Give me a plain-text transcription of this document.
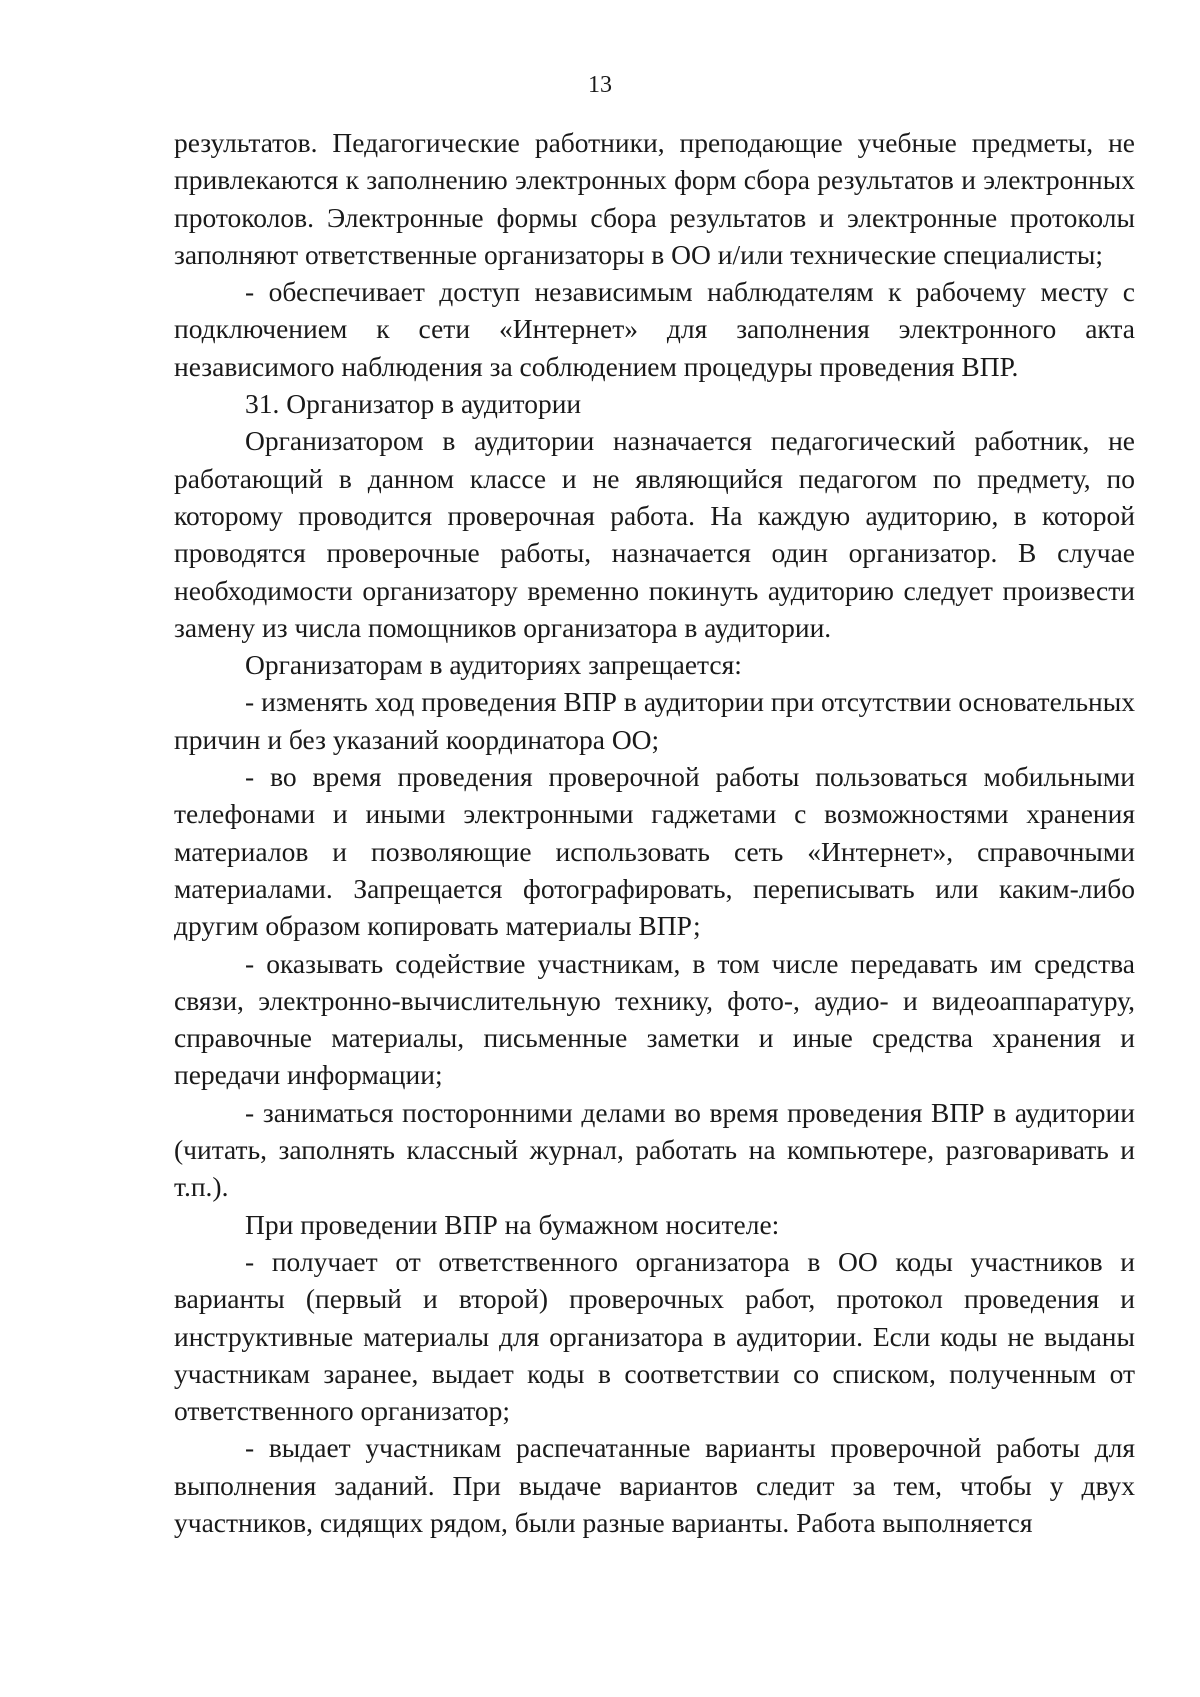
13

результатов. Педагогические работники, преподающие учебные предметы, не привлекаются к заполнению электронных форм сбора результатов и электронных протоколов. Электронные формы сбора результатов и электронные протоколы заполняют ответственные организаторы в ОО и/или технические специалисты;

- обеспечивает доступ независимым наблюдателям к рабочему месту с подключением к сети «Интернет» для заполнения электронного акта независимого наблюдения за соблюдением процедуры проведения ВПР.

31. Организатор в аудитории

Организатором в аудитории назначается педагогический работник, не работающий в данном классе и не являющийся педагогом по предмету, по которому проводится проверочная работа. На каждую аудиторию, в которой проводятся проверочные работы, назначается один организатор. В случае необходимости организатору временно покинуть аудиторию следует произвести замену из числа помощников организатора в аудитории.

Организаторам в аудиториях запрещается:

- изменять ход проведения ВПР в аудитории при отсутствии основательных причин и без указаний координатора ОО;

- во время проведения проверочной работы пользоваться мобильными телефонами и иными электронными гаджетами с возможностями хранения материалов и позволяющие использовать сеть «Интернет», справочными материалами. Запрещается фотографировать, переписывать или каким-либо другим образом копировать материалы ВПР;

- оказывать содействие участникам, в том числе передавать им средства связи, электронно-вычислительную технику, фото-, аудио- и видеоаппаратуру, справочные материалы, письменные заметки и иные средства хранения и передачи информации;

- заниматься посторонними делами во время проведения ВПР в аудитории (читать, заполнять классный журнал, работать на компьютере, разговаривать и т.п.).

При проведении ВПР на бумажном носителе:

- получает от ответственного организатора в ОО коды участников и варианты (первый и второй) проверочных работ, протокол проведения и инструктивные материалы для организатора в аудитории. Если коды не выданы участникам заранее, выдает коды в соответствии со списком, полученным от ответственного организатор;

- выдает участникам распечатанные варианты проверочной работы для выполнения заданий. При выдаче вариантов следит за тем, чтобы у двух участников, сидящих рядом, были разные варианты. Работа выполняется
